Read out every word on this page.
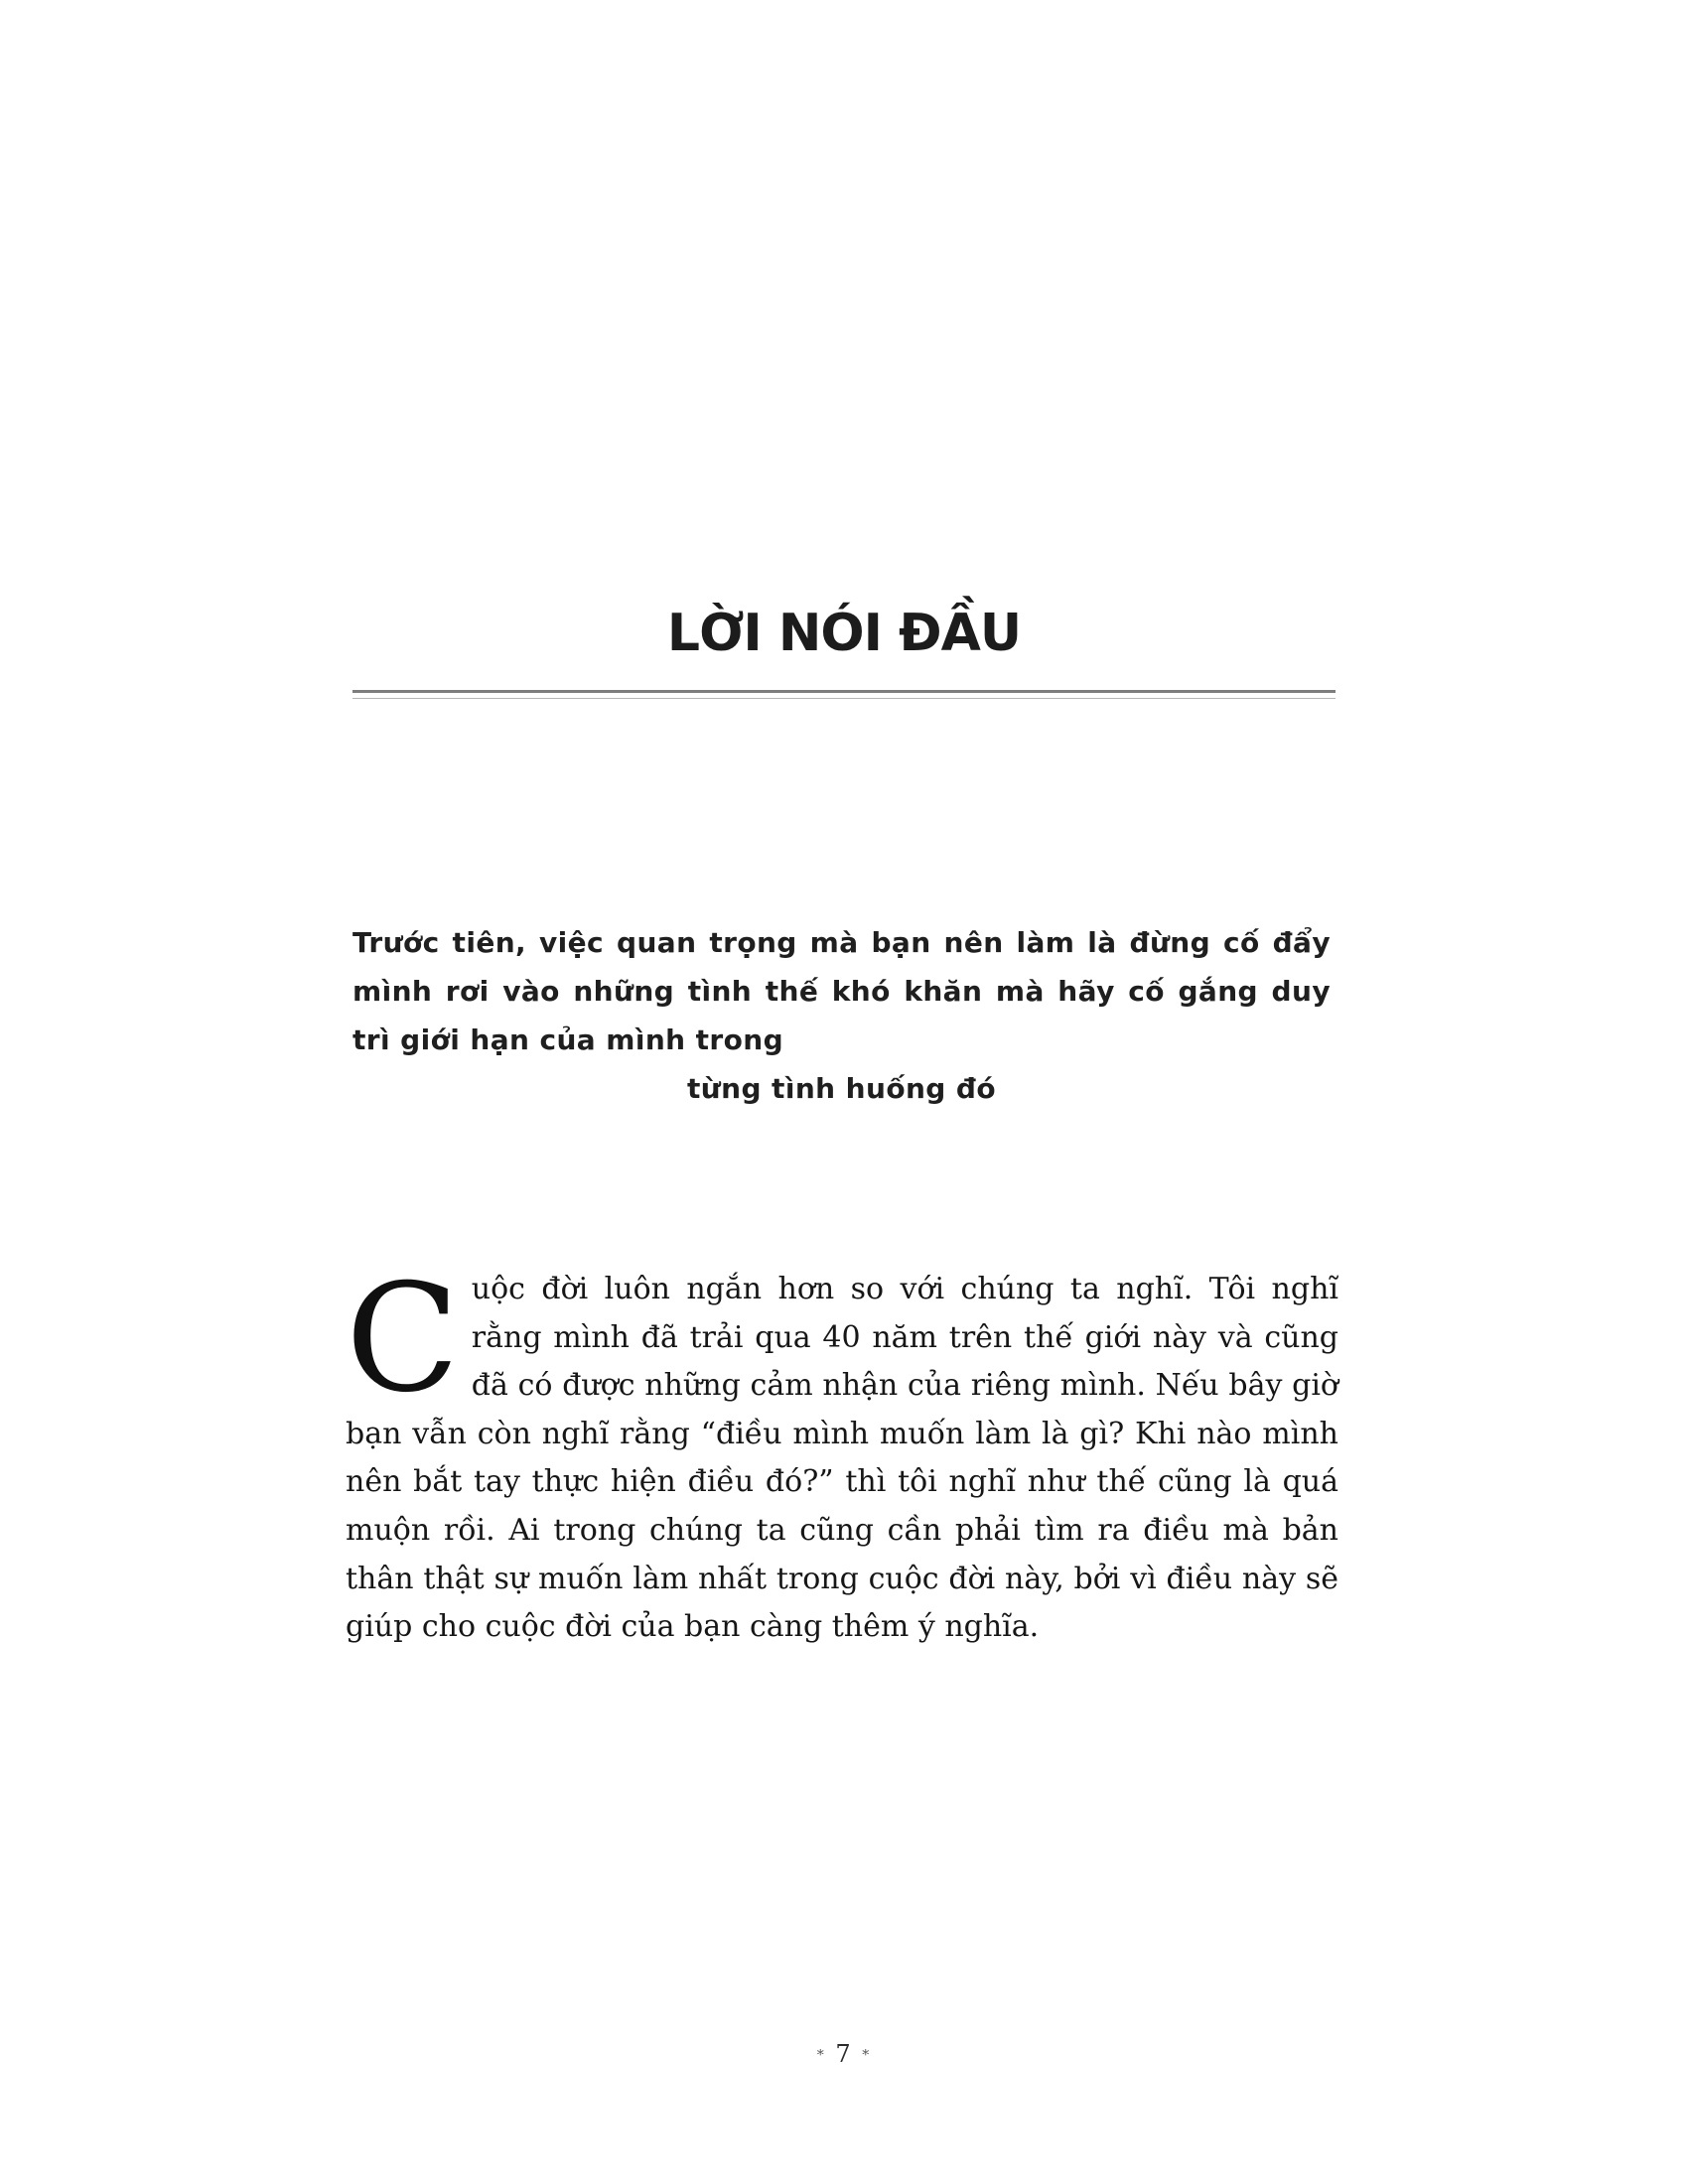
LỜI NÓI ĐẦU

Trước tiên, việc quan trọng mà bạn nên làm là đừng cố đẩy mình rơi vào những tình thế khó khăn mà hãy cố gắng duy trì giới hạn của mình trong
từng tình huống đó

Cuộc đời luôn ngắn hơn so với chúng ta nghĩ. Tôi nghĩ rằng mình đã trải qua 40 năm trên thế giới này và cũng đã có được những cảm nhận của riêng mình. Nếu bây giờ bạn vẫn còn nghĩ rằng “điều mình muốn làm là gì? Khi nào mình nên bắt tay thực hiện điều đó?” thì tôi nghĩ như thế cũng là quá muộn rồi. Ai trong chúng ta cũng cần phải tìm ra điều mà bản thân thật sự muốn làm nhất trong cuộc đời này, bởi vì điều này sẽ giúp cho cuộc đời của bạn càng thêm ý nghĩa.

* 7 *
